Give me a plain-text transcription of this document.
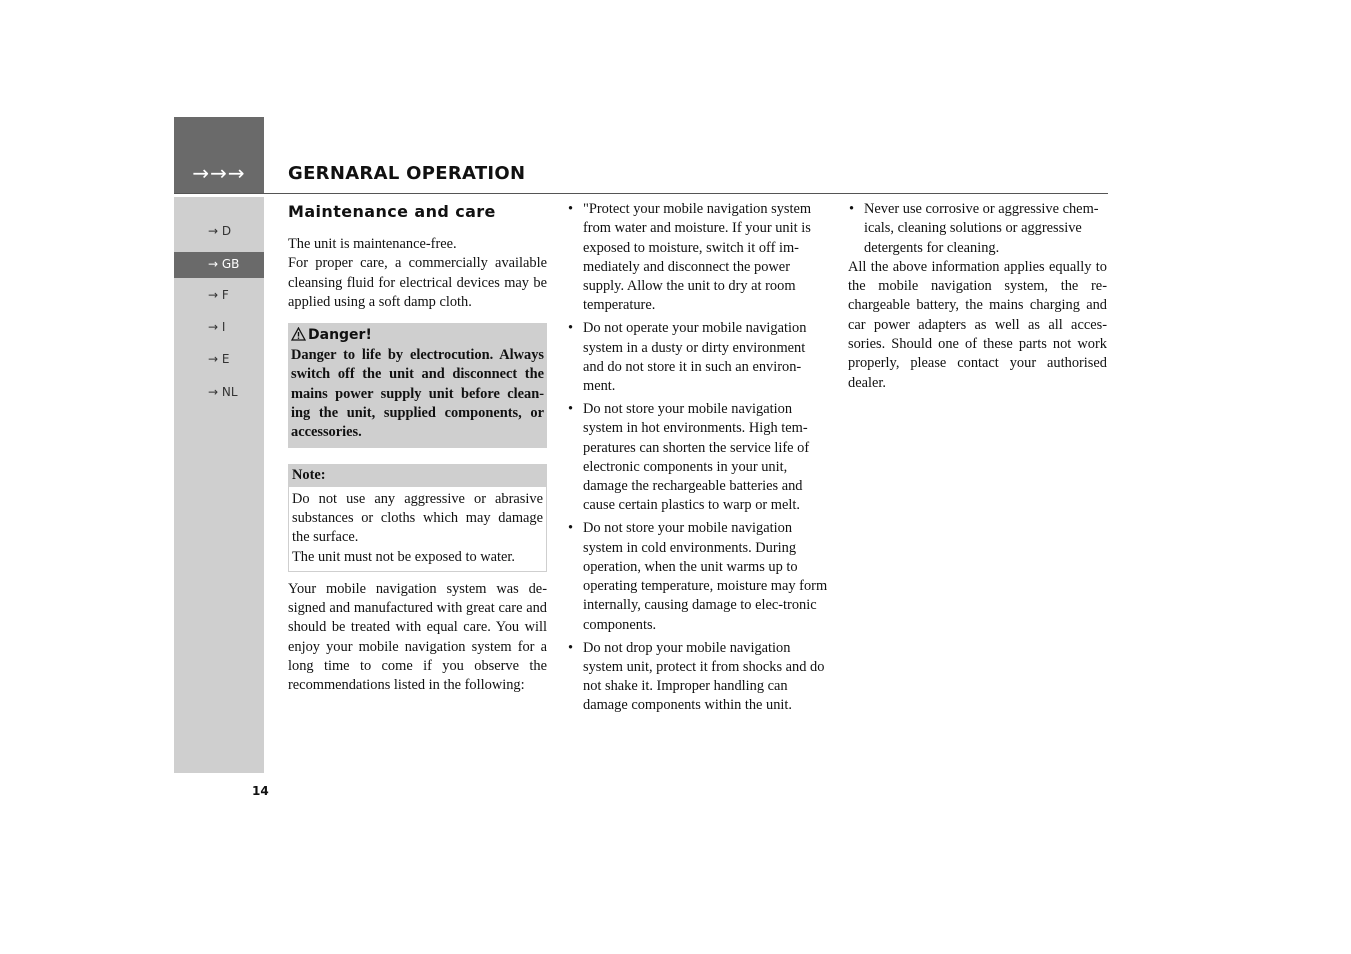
→→→	GERNARAL OPERATION
→ D
→ GB
→ F
→ I
→ E
→ NL
14
Maintenance and care

The unit is maintenance-free.

For proper care, a commercially available cleansing fluid for electrical devices may be applied using a soft damp cloth.

Danger!
Danger to life by electrocution. Always switch off the unit and disconnect the mains power supply unit before clean-ing the unit, supplied components, or accessories.
Note:
Do not use any aggressive or abrasive substances or cloths which may damage the surface.
The unit must not be exposed to water.

Your mobile navigation system was de-signed and manufactured with great care and should be treated with equal care. You will enjoy your mobile navigation system for a long time to come if you observe the recommendations listed in the following:

• "Protect your mobile navigation system from water and moisture. If your unit is exposed to moisture, switch it off im-mediately and disconnect the power supply. Allow the unit to dry at room temperature.
• Do not operate your mobile navigation system in a dusty or dirty environment and do not store it in such an environ-ment.
• Do not store your mobile navigation system in hot environments. High tem-peratures can shorten the service life of electronic components in your unit, damage the rechargeable batteries and cause certain plastics to warp or melt.
• Do not store your mobile navigation system in cold environments. During operation, when the unit warms up to operating temperature, moisture may form internally, causing damage to elec-tronic components.
• Do not drop your mobile navigation system unit, protect it from shocks and do not shake it. Improper handling can damage components within the unit.
• Never use corrosive or aggressive chem-icals, cleaning solutions or aggressive detergents for cleaning.

All the above information applies equally to the mobile navigation system, the re-chargeable battery, the mains charging and car power adapters as well as all acces-sories. Should one of these parts not work properly, please contact your authorised dealer.
